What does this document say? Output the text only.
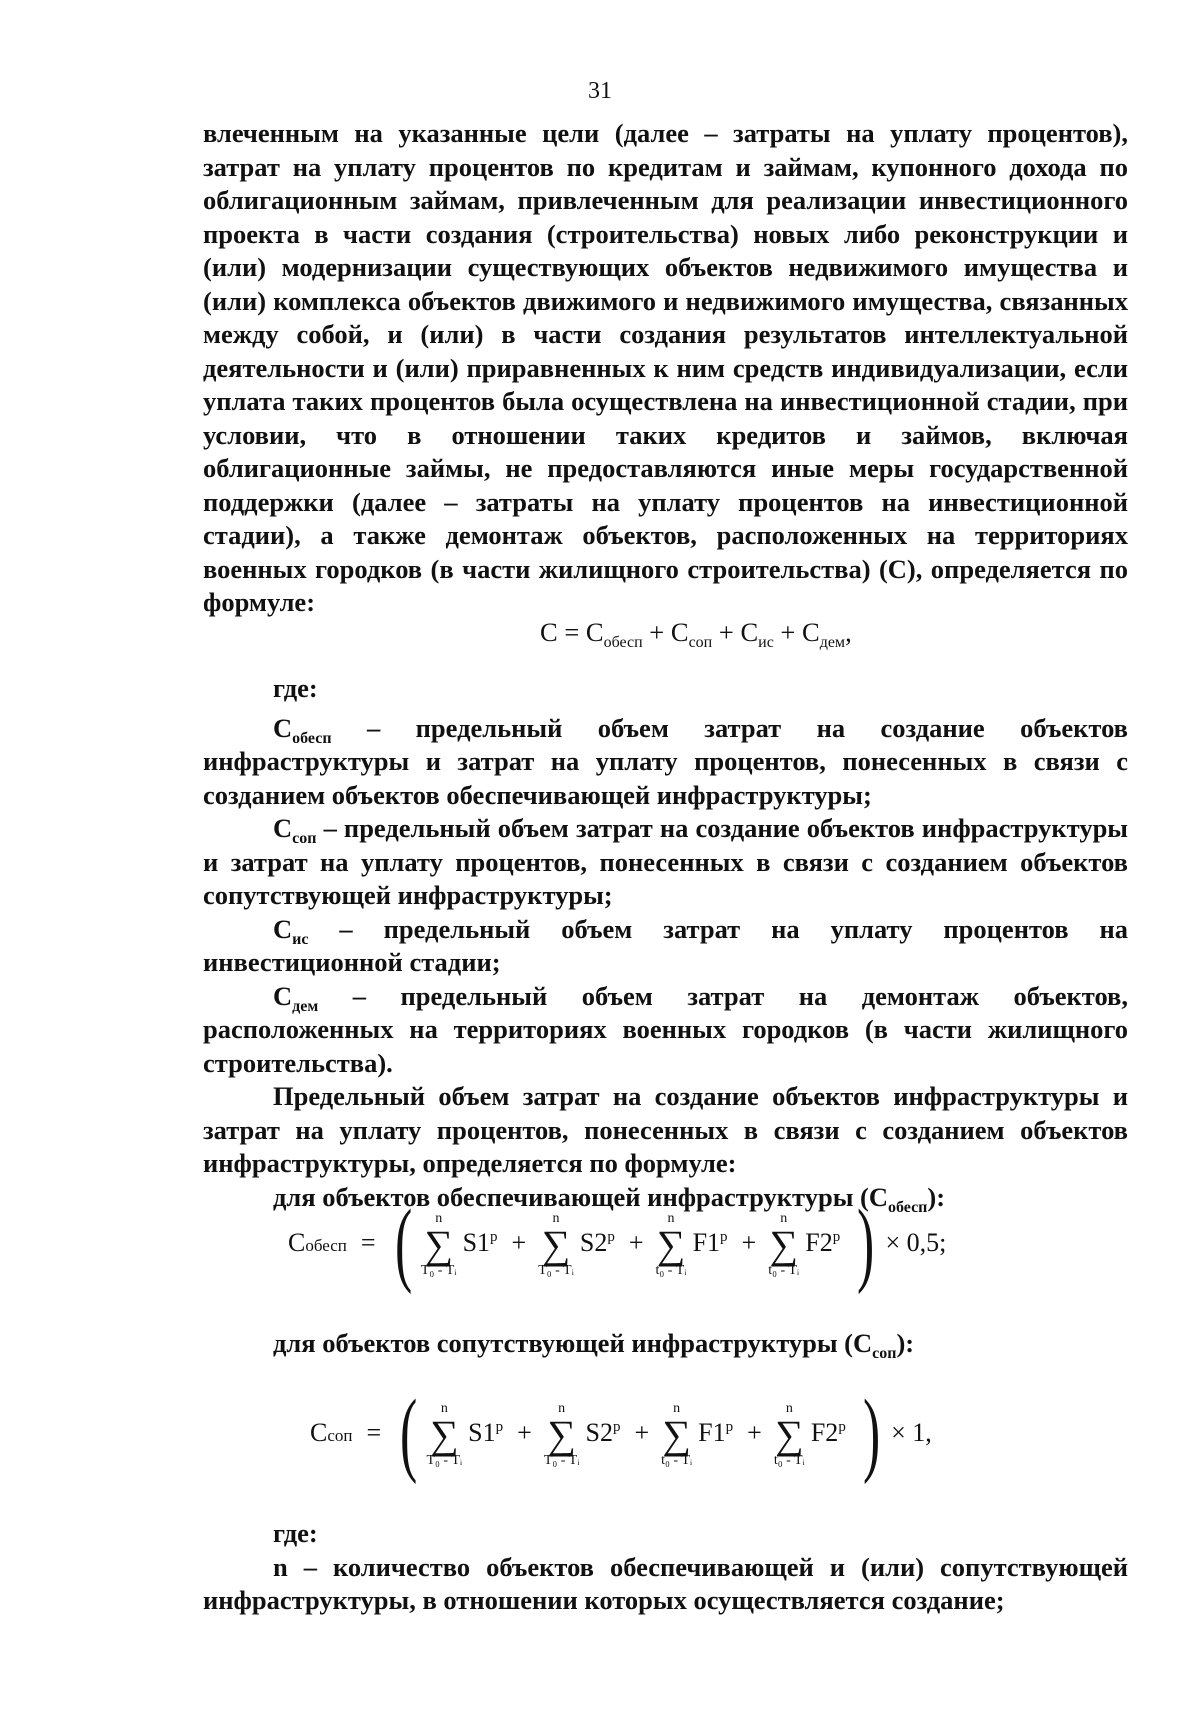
31

влеченным на указанные цели (далее – затраты на уплату процентов), затрат на уплату процентов по кредитам и займам, купонного дохода по облигационным займам, привлеченным для реализации инвестиционного проекта в части создания (строительства) новых либо реконструкции и (или) модернизации существующих объектов недвижимого имущества и (или) комплекса объектов движимого и недвижимого имущества, связанных между собой, и (или) в части создания результатов интеллектуальной деятельности и (или) приравненных к ним средств индивидуализации, если уплата таких процентов была осуществлена на инвестиционной стадии, при условии, что в отношении таких кредитов и займов, включая облигационные займы, не предоставляются иные меры государственной поддержки (далее – затраты на уплату процентов на инвестиционной стадии), а также демонтаж объектов, расположенных на территориях военных городков (в части жилищного строительства) (С), определяется по формуле:

$С = С_{обесп} + С_{соп} + С_{ис} + С_{дем}$,

где:

$С_{обесп}$ – предельный объем затрат на создание объектов инфраструктуры и затрат на уплату процентов, понесенных в связи с созданием объектов обеспечивающей инфраструктуры;

$С_{соп}$ – предельный объем затрат на создание объектов инфраструктуры и затрат на уплату процентов, понесенных в связи с созданием объектов сопутствующей инфраструктуры;

$С_{ис}$ – предельный объем затрат на уплату процентов на инвестиционной стадии;

$С_{дем}$ – предельный объем затрат на демонтаж объектов, расположенных на территориях военных городков (в части жилищного строительства).

Предельный объем затрат на создание объектов инфраструктуры и затрат на уплату процентов, понесенных в связи с созданием объектов инфраструктуры, определяется по формуле:

для объектов обеспечивающей инфраструктуры $(С_{обесп})$:

С обесп = ( n
∑
T₀ - Tᵢ
$S1^р$ +
n
∑
T₀ - Tᵢ
$S2^р$ +
n
∑
t₀ - Tᵢ
$F1^р$ +
n
∑
t₀ - Tᵢ
$F2^р$ ) × 0,5;

для объектов сопутствующей инфраструктуры $(С_{соп})$:

С соп = ( n
∑
T₀ - Tᵢ
$S1^р$ +
n
∑
T₀ - Tᵢ
$S2^р$ +
n
∑
t₀ - Tᵢ
$F1^р$ +
n
∑
t₀ - Tᵢ
$F2^р$ ) × 1,

где:

n – количество объектов обеспечивающей и (или) сопутствующей инфраструктуры, в отношении которых осуществляется создание;
